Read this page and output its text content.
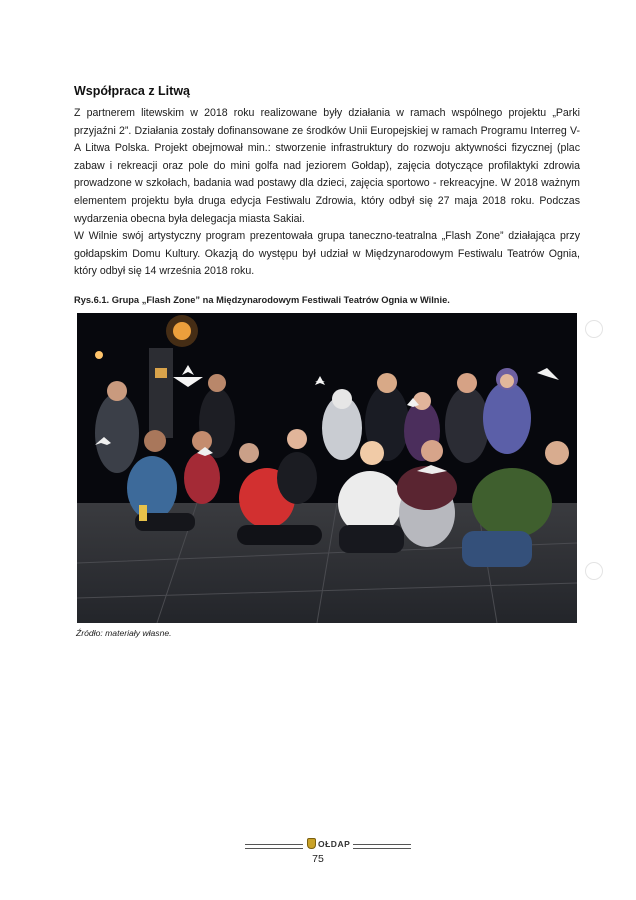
Współpraca z Litwą

Z partnerem litewskim w 2018 roku realizowane były działania w ramach wspólnego projektu „Parki przyjaźni 2”. Działania zostały dofinansowane ze środków Unii Europejskiej w ramach Programu Interreg V-A Litwa Polska. Projekt obejmował min.: stworzenie infrastruktury do rozwoju aktywności fizycznej (plac zabaw i rekreacji oraz pole do mini golfa nad jeziorem Gołdap), zajęcia dotyczące profilaktyki zdrowia prowadzone w szkołach, badania wad postawy dla dzieci, zajęcia sportowo - rekreacyjne. W 2018 ważnym elementem projektu była druga edycja Festiwalu Zdrowia, który odbył się 27 maja 2018 roku. Podczas wydarzenia obecna była delegacja miasta Sakiai.

W Wilnie swój artystyczny program prezentowała grupa taneczno-teatralna „Flash Zone” działająca przy gołdapskim Domu Kultury. Okazją do występu był udział w Międzynarodowym Festiwalu Teatrów Ognia, który odbył się 14 września 2018 roku.

Rys.6.1. Grupa „Flash Zone” na Międzynarodowym Festiwali Teatrów Ognia w Wilnie.
Źródło: materiały własne.
OŁDAP
75
